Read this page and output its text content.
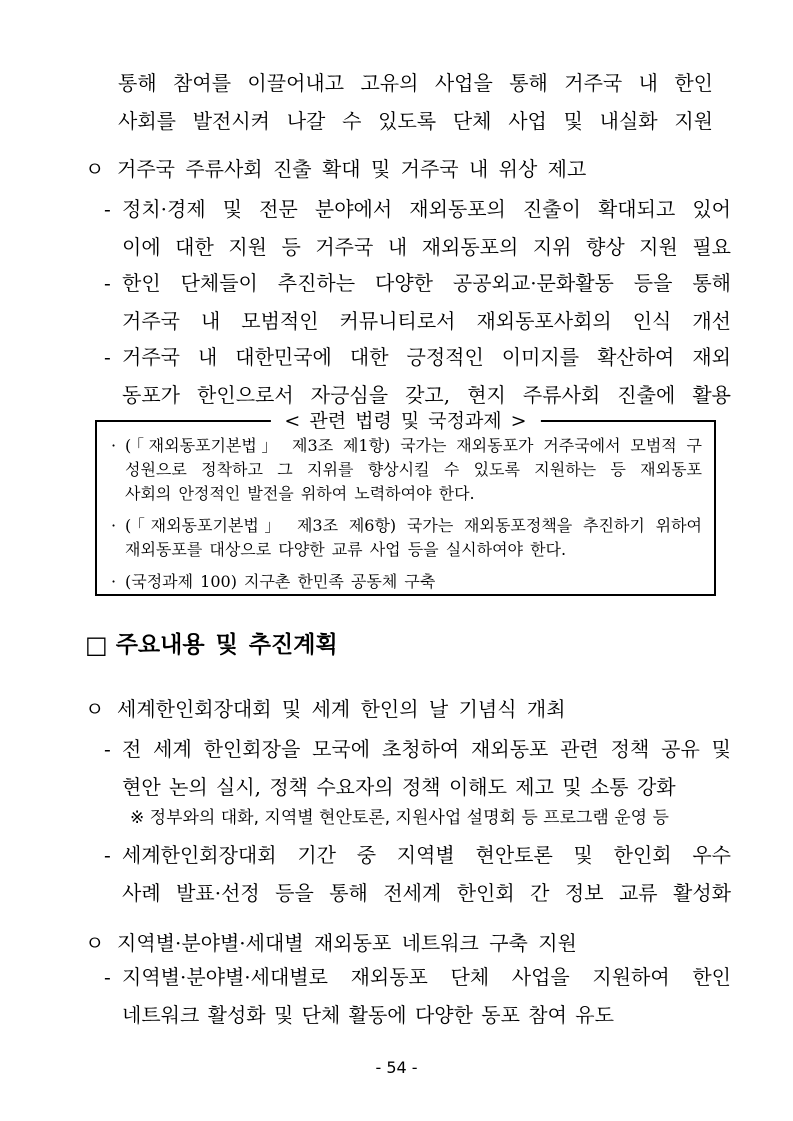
통해 참여를 이끌어내고 고유의 사업을 통해 거주국 내 한인
사회를 발전시켜 나갈 수 있도록 단체 사업 및 내실화 지원
ㅇ 거주국 주류사회 진출 확대 및 거주국 내 위상 제고
- 정치·경제 및 전문 분야에서 재외동포의 진출이 확대되고 있어
이에 대한 지원 등 거주국 내 재외동포의 지위 향상 지원 필요
- 한인 단체들이 추진하는 다양한 공공외교·문화활동 등을 통해
거주국 내 모범적인 커뮤니티로서 재외동포사회의 인식 개선
- 거주국 내 대한민국에 대한 긍정적인 이미지를 확산하여 재외
동포가 한인으로서 자긍심을 갖고, 현지 주류사회 진출에 활용
< 관련 법령 및 국정과제 >
· (「재외동포기본법」 제3조 제1항) 국가는 재외동포가 거주국에서 모범적 구
성원으로 정착하고 그 지위를 향상시킬 수 있도록 지원하는 등 재외동포
사회의 안정적인 발전을 위하여 노력하여야 한다.
· (「재외동포기본법」 제3조 제6항) 국가는 재외동포정책을 추진하기 위하여
재외동포를 대상으로 다양한 교류 사업 등을 실시하여야 한다.
· (국정과제 100) 지구촌 한민족 공동체 구축
□ 주요내용 및 추진계획
ㅇ 세계한인회장대회 및 세계 한인의 날 기념식 개최
- 전 세계 한인회장을 모국에 초청하여 재외동포 관련 정책 공유 및
현안 논의 실시, 정책 수요자의 정책 이해도 제고 및 소통 강화
※ 정부와의 대화, 지역별 현안토론, 지원사업 설명회 등 프로그램 운영 등
- 세계한인회장대회 기간 중 지역별 현안토론 및 한인회 우수
사례 발표·선정 등을 통해 전세계 한인회 간 정보 교류 활성화
ㅇ 지역별·분야별·세대별 재외동포 네트워크 구축 지원
- 지역별·분야별·세대별로 재외동포 단체 사업을 지원하여 한인
네트워크 활성화 및 단체 활동에 다양한 동포 참여 유도
- 54 -
